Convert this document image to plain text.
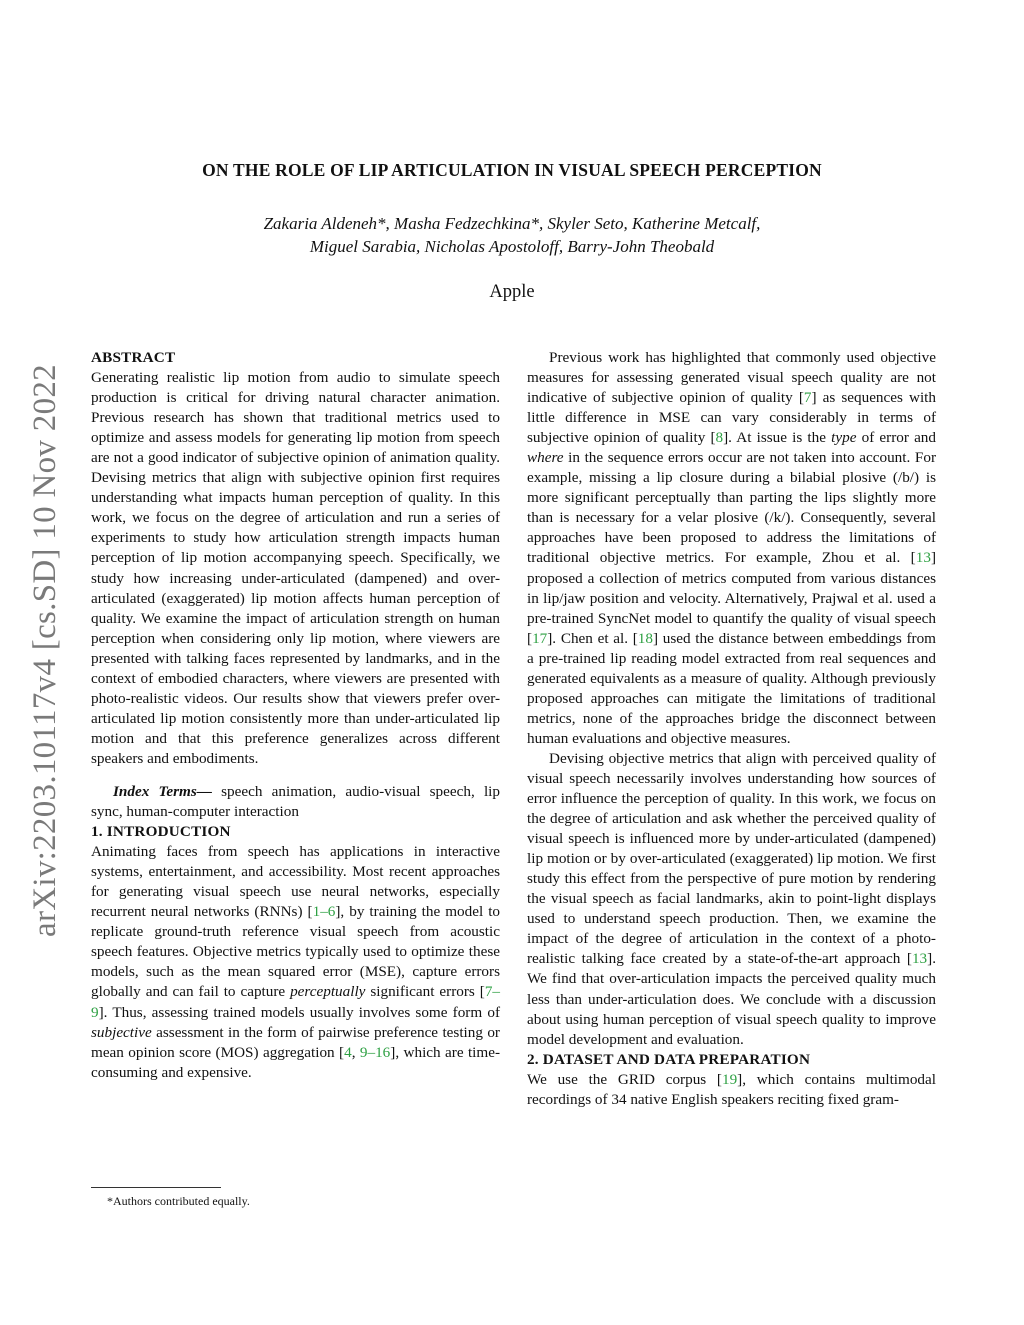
arXiv:2203.10117v4 [cs.SD] 10 Nov 2022
ON THE ROLE OF LIP ARTICULATION IN VISUAL SPEECH PERCEPTION
Zakaria Aldeneh*, Masha Fedzechkina*, Skyler Seto, Katherine Metcalf,
Miguel Sarabia, Nicholas Apostoloff, Barry-John Theobald
Apple

ABSTRACT

Generating realistic lip motion from audio to simulate speech production is critical for driving natural character animation. Previous research has shown that traditional metrics used to optimize and assess models for generating lip motion from speech are not a good indicator of subjective opinion of animation quality. Devising metrics that align with subjective opinion first requires understanding what impacts human perception of quality. In this work, we focus on the degree of articulation and run a series of experiments to study how articulation strength impacts human perception of lip motion accompanying speech. Specifically, we study how increasing under-articulated (dampened) and over-articulated (exaggerated) lip motion affects human perception of quality. We examine the impact of articulation strength on human perception when considering only lip motion, where viewers are presented with talking faces represented by landmarks, and in the context of embodied characters, where viewers are presented with photo-realistic videos. Our results show that viewers prefer over-articulated lip motion consistently more than under-articulated lip motion and that this preference generalizes across different speakers and embodiments.

Index Terms— speech animation, audio-visual speech, lip sync, human-computer interaction

1. INTRODUCTION

Animating faces from speech has applications in interactive systems, entertainment, and accessibility. Most recent approaches for generating visual speech use neural networks, especially recurrent neural networks (RNNs) [1–6], by training the model to replicate ground-truth reference visual speech from acoustic speech features. Objective metrics typically used to optimize these models, such as the mean squared error (MSE), capture errors globally and can fail to capture perceptually significant errors [7–9]. Thus, assessing trained models usually involves some form of subjective assessment in the form of pairwise preference testing or mean opinion score (MOS) aggregation [4, 9–16], which are time-consuming and expensive.

Previous work has highlighted that commonly used objective measures for assessing generated visual speech quality are not indicative of subjective opinion of quality [7] as sequences with little difference in MSE can vary considerably in terms of subjective opinion of quality [8]. At issue is the type of error and where in the sequence errors occur are not taken into account. For example, missing a lip closure during a bilabial plosive (/b/) is more significant perceptually than parting the lips slightly more than is necessary for a velar plosive (/k/). Consequently, several approaches have been proposed to address the limitations of traditional objective metrics. For example, Zhou et al. [13] proposed a collection of metrics computed from various distances in lip/jaw position and velocity. Alternatively, Prajwal et al. used a pre-trained SyncNet model to quantify the quality of visual speech [17]. Chen et al. [18] used the distance between embeddings from a pre-trained lip reading model extracted from real sequences and generated equivalents as a measure of quality. Although previously proposed approaches can mitigate the limitations of traditional metrics, none of the approaches bridge the disconnect between human evaluations and objective measures.

Devising objective metrics that align with perceived quality of visual speech necessarily involves understanding how sources of error influence the perception of quality. In this work, we focus on the degree of articulation and ask whether the perceived quality of visual speech is influenced more by under-articulated (dampened) lip motion or by over-articulated (exaggerated) lip motion. We first study this effect from the perspective of pure motion by rendering the visual speech as facial landmarks, akin to point-light displays used to understand speech production. Then, we examine the impact of the degree of articulation in the context of a photo-realistic talking face created by a state-of-the-art approach [13]. We find that over-articulation impacts the perceived quality much less than under-articulation does. We conclude with a discussion about using human perception of visual speech quality to improve model development and evaluation.

2. DATASET AND DATA PREPARATION

We use the GRID corpus [19], which contains multimodal recordings of 34 native English speakers reciting fixed gram-

*Authors contributed equally.
